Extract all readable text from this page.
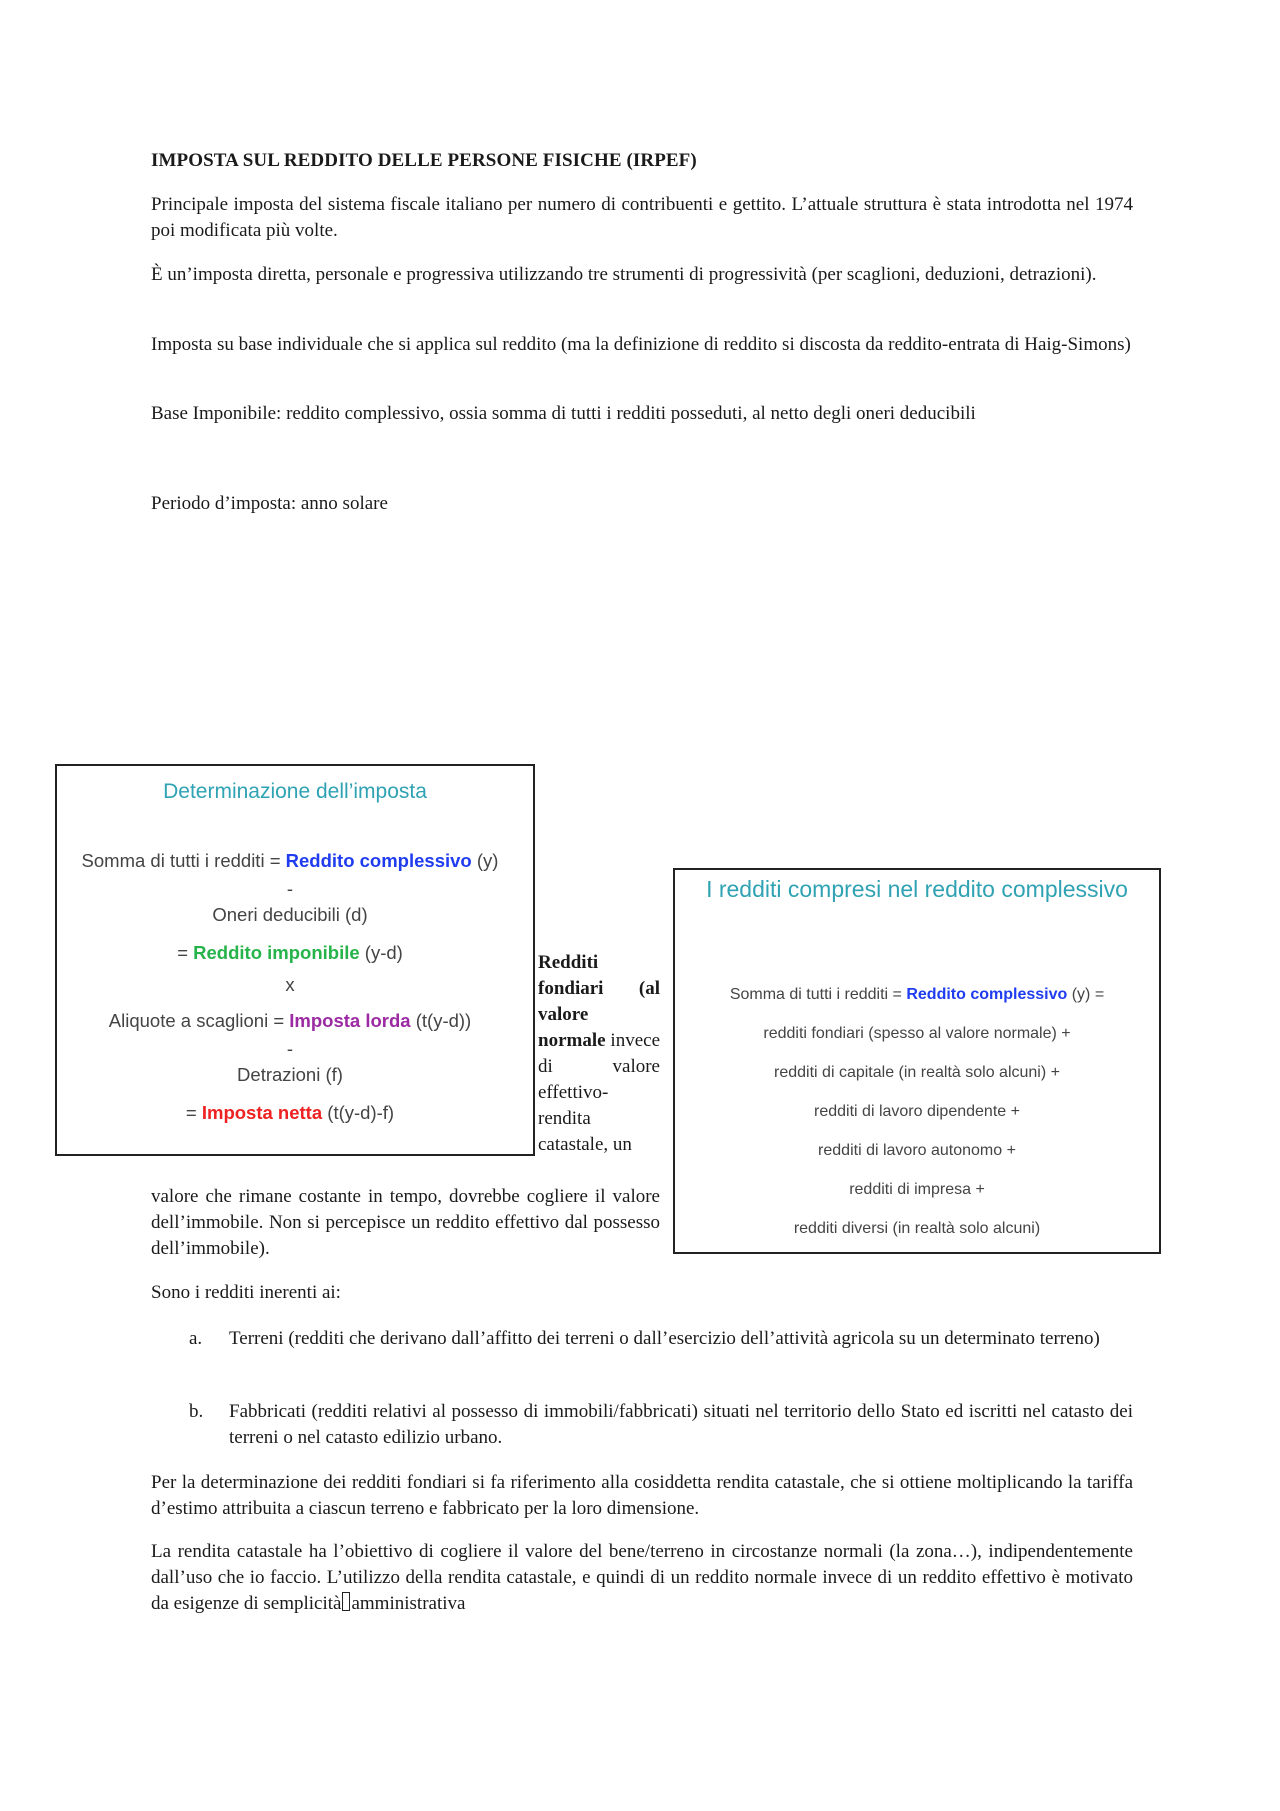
IMPOSTA SUL REDDITO DELLE PERSONE FISICHE (IRPEF)
Principale imposta del sistema fiscale italiano per numero di contribuenti e gettito. L’attuale struttura è stata introdotta nel 1974 poi modificata più volte.
È un’imposta diretta, personale e progressiva utilizzando tre strumenti di progressività (per scaglioni, deduzioni, detrazioni).
Imposta su base individuale che si applica sul reddito (ma la definizione di reddito si discosta da reddito-entrata di Haig-Simons)
Base Imponibile: reddito complessivo, ossia somma di tutti i redditi posseduti, al netto degli oneri deducibili
Periodo d’imposta: anno solare
Determinazione dell’imposta
Somma di tutti i redditi = Reddito complessivo (y)
-
Oneri deducibili (d)
= Reddito imponibile (y-d)
x
Aliquote a scaglioni = Imposta lorda (t(y-d))
-
Detrazioni (f)
= Imposta netta (t(y-d)-f)
Redditi fondiari (al valore normale invece di valore effettivo-rendita catastale, un
valore che rimane costante in tempo, dovrebbe cogliere il valore dell’immobile. Non si percepisce un reddito effettivo dal possesso dell’immobile).
I redditi compresi nel reddito complessivo
Somma di tutti i redditi = Reddito complessivo (y) =
redditi fondiari (spesso al valore normale) +
redditi di capitale (in realtà solo alcuni) +
redditi di lavoro dipendente +
redditi di lavoro autonomo +
redditi di impresa +
redditi diversi (in realtà solo alcuni)
Sono i redditi inerenti ai:
a. Terreni (redditi che derivano dall’affitto dei terreni o dall’esercizio dell’attività agricola su un determinato terreno)
b. Fabbricati (redditi relativi al possesso di immobili/fabbricati) situati nel territorio dello Stato ed iscritti nel catasto dei terreni o nel catasto edilizio urbano.
Per la determinazione dei redditi fondiari si fa riferimento alla cosiddetta rendita catastale, che si ottiene moltiplicando la tariffa d’estimo attribuita a ciascun terreno e fabbricato per la loro dimensione.
La rendita catastale ha l’obiettivo di cogliere il valore del bene/terreno in circostanze normali (la zona…), indipendentemente dall’uso che io faccio. L’utilizzo della rendita catastale, e quindi di un reddito normale invece di un reddito effettivo è motivato da esigenze di semplicità amministrativa
